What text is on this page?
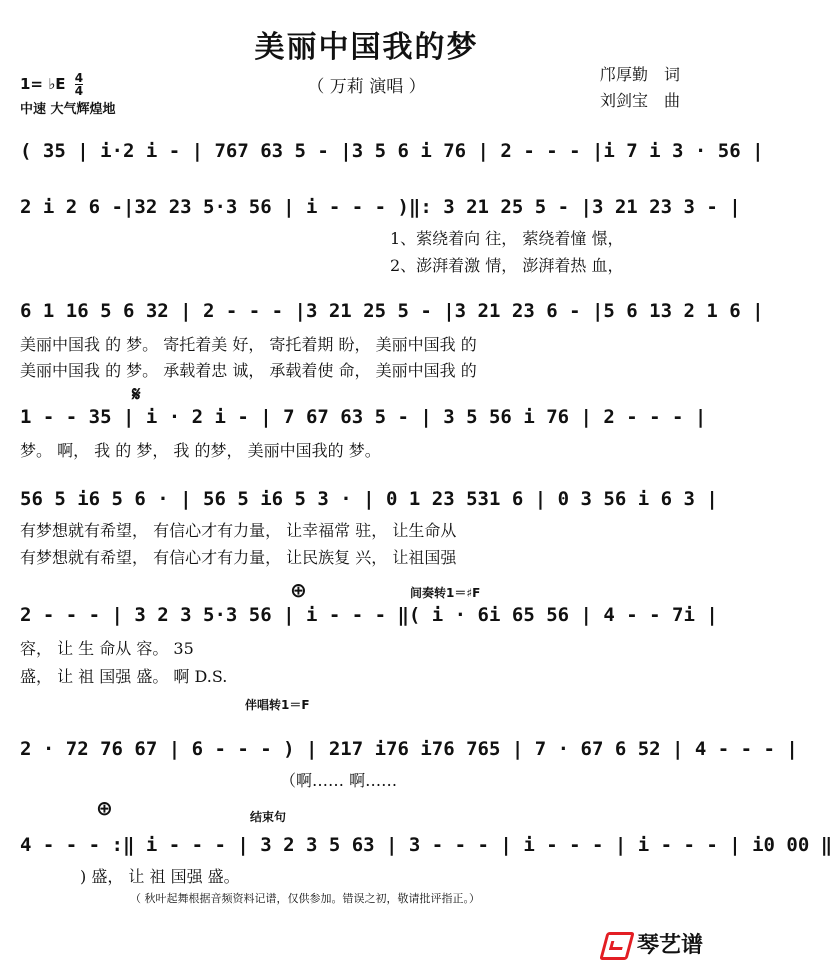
美丽中国我的梦
（ 万莉 演唱 ）
邝厚勤　词
刘剑宝　曲
1= ♭E $\frac{4}{4}$
中速 大气辉煌地
( 35 | i·2 i - | 767 63 5 - |3 5 6 i 76 | 2 - - - |i 7 i 3 · 56 |
2 i 2 6 -|32 23 5·3 56 | i - - - )‖: 3 21 25 5 - |3 21 23 3 - |
1、萦绕着向 往， 萦绕着憧 憬，
2、澎湃着激 情， 澎湃着热 血，
6 1 16 5 6 32 | 2 - - - |3 21 25 5 - |3 21 23 6 - |5 6 13 2 1 6 |
美丽中国我 的 梦。 寄托着美 好， 寄托着期 盼， 美丽中国我 的
美丽中国我 的 梦。 承载着忠 诚， 承载着使 命， 美丽中国我 的
𝄋
1 - - 35 | i · 2 i - | 7 67 63 5 - | 3 5 56 i 76 | 2 - - - |
梦。 啊， 我 的 梦， 我 的梦， 美丽中国我的 梦。
56 5 i6 5 6 · | 56 5 i6 5 3 · | 0 1 23 531 6 | 0 3 56 i 6 3 |
有梦想就有希望， 有信心才有力量， 让幸福常 驻， 让生命从
有梦想就有希望， 有信心才有力量， 让民族复 兴， 让祖国强
⊕	间奏转1＝♯F
2 - - - | 3 2 3 5·3 56 | i - - - ‖( i · 6i 65 56 | 4 - - 7i |
容， 让 生 命从 容。 35
盛， 让 祖 国强 盛。 啊 D.S.
伴唱转1＝F
2 · 72 76 67 | 6 - - - ) | 217 i76 i76 765 | 7 · 67 6 52 | 4 - - - |
（啊…… 啊……
⊕	结束句
4 - - - :‖ i - - - | 3 2 3 5 63 | 3 - - - | i - - - | i - - - | i0 00 ‖
) 盛， 让 祖 国强 盛。
（ 秋叶起舞根据音频资料记谱，仅供参加。错误之初，敬请批评指正。）
琴艺谱
